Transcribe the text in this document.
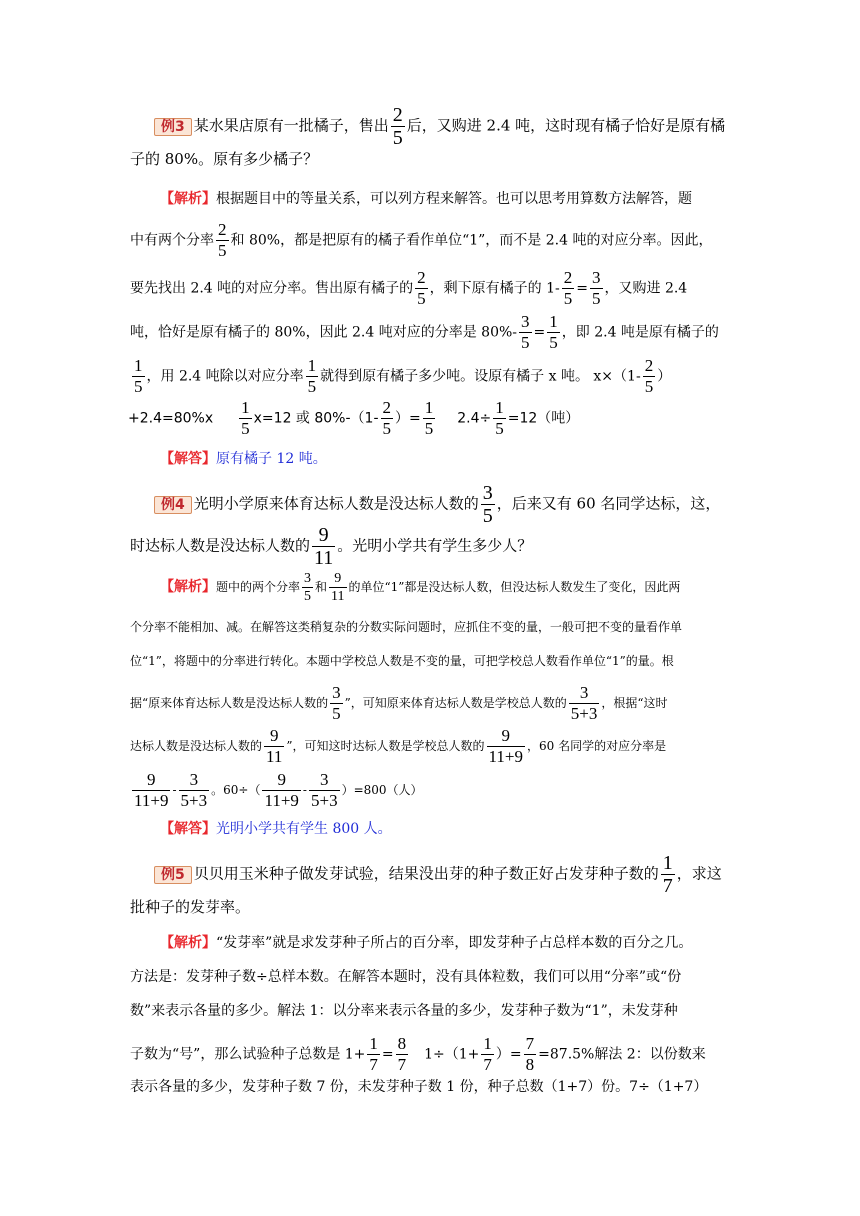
例3 某水果店原有一批橘子，售出 $\frac{2}{5}$ 后，又购进 2.4 吨，这时现有橘子恰好是原有橘
子的 80%。原有多少橘子？
【解析】根据题目中的等量关系，可以列方程来解答。也可以思考用算数方法解答，题
中有两个分率 $\frac{2}{5}$ 和 80%，都是把原有的橘子看作单位“1”，而不是 2.4 吨的对应分率。因此，
要先找出 2.4 吨的对应分率。售出原有橘子的 $\frac{2}{5}$ ，剩下原有橘子的 $1- \frac{2}{5} = \frac{3}{5}$ ，又购进 2.4
吨，恰好是原有橘子的 80%，因此 2.4 吨对应的分率是 $80\%- \frac{3}{5} = \frac{1}{5}$ ，即 2.4 吨是原有橘子的
$\frac{1}{5}$ ，用 2.4 吨除以对应分率 $\frac{1}{5}$ 就得到原有橘子多少吨。设原有橘子 x 吨。 $x\times(1- \frac{2}{5}$ ）
$+2.4=80\%x \frac{1}{5} x=12$ 或 $80\%-(1- \frac{2}{5}$ ）= $\frac{1}{5} 2.4\div \frac{1}{5} =12$（吨）
【解答】原有橘子 12 吨。
例4 光明小学原来体育达标人数是没达标人数的 $\frac{3}{5}$ ，后来又有 60 名同学达标，这，
时达标人数是没达标人数的 $\frac{9}{11}$ 。光明小学共有学生多少人？
【解析】题中的两个分率 $\frac{3}{5}$ 和 $\frac{9}{11}$ 的单位“1”都是没达标人数，但没达标人数发生了变化，因此两
个分率不能相加、减。在解答这类稍复杂的分数实际问题时，应抓住不变的量，一般可把不变的量看作单
位“1”，将题中的分率进行转化。本题中学校总人数是不变的量，可把学校总人数看作单位“1”的量。根
据“原来体育达标人数是没达标人数的 $\frac{3}{5}$ ”，可知原来体育达标人数是学校总人数的 $\frac{3}{5+3}$ ，根据“这时
达标人数是没达标人数的 $\frac{9}{11}$ ”，可知这时达标人数是学校总人数的 $\frac{9}{11+9}$ ，60 名同学的对应分率是
$\frac{9}{11+9} - \frac{3}{5+3}$ 。$60\div( \frac{9}{11+9} - \frac{3}{5+3} )=800$（人）
【解答】光明小学共有学生 800 人。
例5 贝贝用玉米种子做发芽试验，结果没出芽的种子数正好占发芽种子数的 $\frac{1}{7}$ ，求这
批种子的发芽率。
【解析】“发芽率”就是求发芽种子所占的百分率，即发芽种子占总样本数的百分之几。
方法是：发芽种子数÷总样本数。在解答本题时，没有具体粒数，我们可以用“分率”或“份
数”来表示各量的多少。解法 1：以分率来表示各量的多少，发芽种子数为“1”，未发芽种
子数为“号”，那么试验种子总数是 $1+ \frac{1}{7} = \frac{8}{7} 1\div(1+ \frac{1}{7}$ ）= $\frac{7}{8} =87.5\%$解法 2：以份数来
表示各量的多少，发芽种子数 7 份，未发芽种子数 1 份，种子总数（1+7）份。7÷（1+7）
